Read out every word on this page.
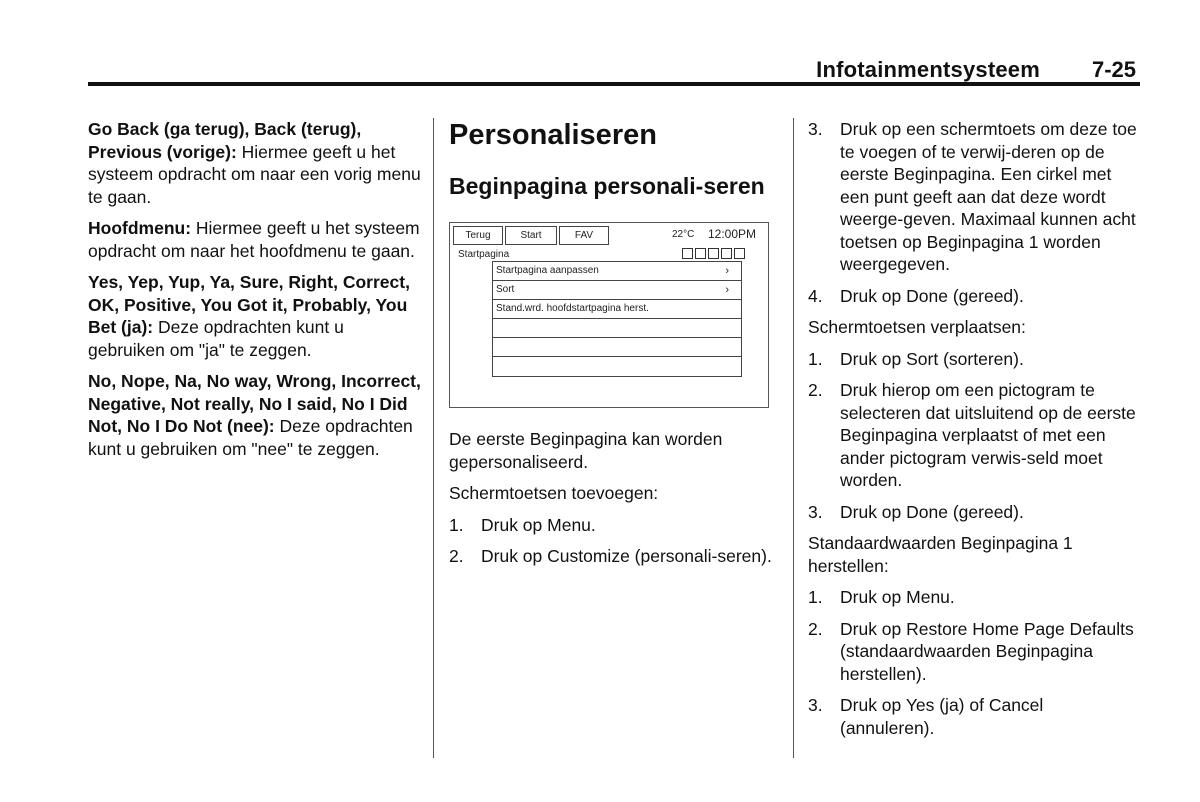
Infotainmentsysteem 7-25

Go Back (ga terug), Back (terug), Previous (vorige): Hiermee geeft u het systeem opdracht om naar een vorig menu te gaan.

Hoofdmenu: Hiermee geeft u het systeem opdracht om naar het hoofdmenu te gaan.

Yes, Yep, Yup, Ya, Sure, Right, Correct, OK, Positive, You Got it, Probably, You Bet (ja): Deze opdrachten kunt u gebruiken om "ja" te zeggen.

No, Nope, Na, No way, Wrong, Incorrect, Negative, Not really, No I said, No I Did Not, No I Do Not (nee): Deze opdrachten kunt u gebruiken om "nee" te zeggen.

Personaliseren
Beginpagina personali-seren
Terug	Start	FAV	22°C 12:00PM
Startpagina
Startpagina aanpassen	›
Sort	›
Stand.wrd. hoofdstartpagina herst.

De eerste Beginpagina kan worden gepersonaliseerd.

Schermtoetsen toevoegen:

1. Druk op Menu.
2. Druk op Customize (personali-seren).
3. Druk op een schermtoets om deze toe te voegen of te verwij-deren op de eerste Beginpagina. Een cirkel met een punt geeft aan dat deze wordt weerge-geven. Maximaal kunnen acht toetsen op Beginpagina 1 worden weergegeven.
4. Druk op Done (gereed).

Schermtoetsen verplaatsen:

1. Druk op Sort (sorteren).
2. Druk hierop om een pictogram te selecteren dat uitsluitend op de eerste Beginpagina verplaatst of met een ander pictogram verwis-seld moet worden.
3. Druk op Done (gereed).

Standaardwaarden Beginpagina 1 herstellen:

1. Druk op Menu.
2. Druk op Restore Home Page Defaults (standaardwaarden Beginpagina herstellen).
3. Druk op Yes (ja) of Cancel (annuleren).
